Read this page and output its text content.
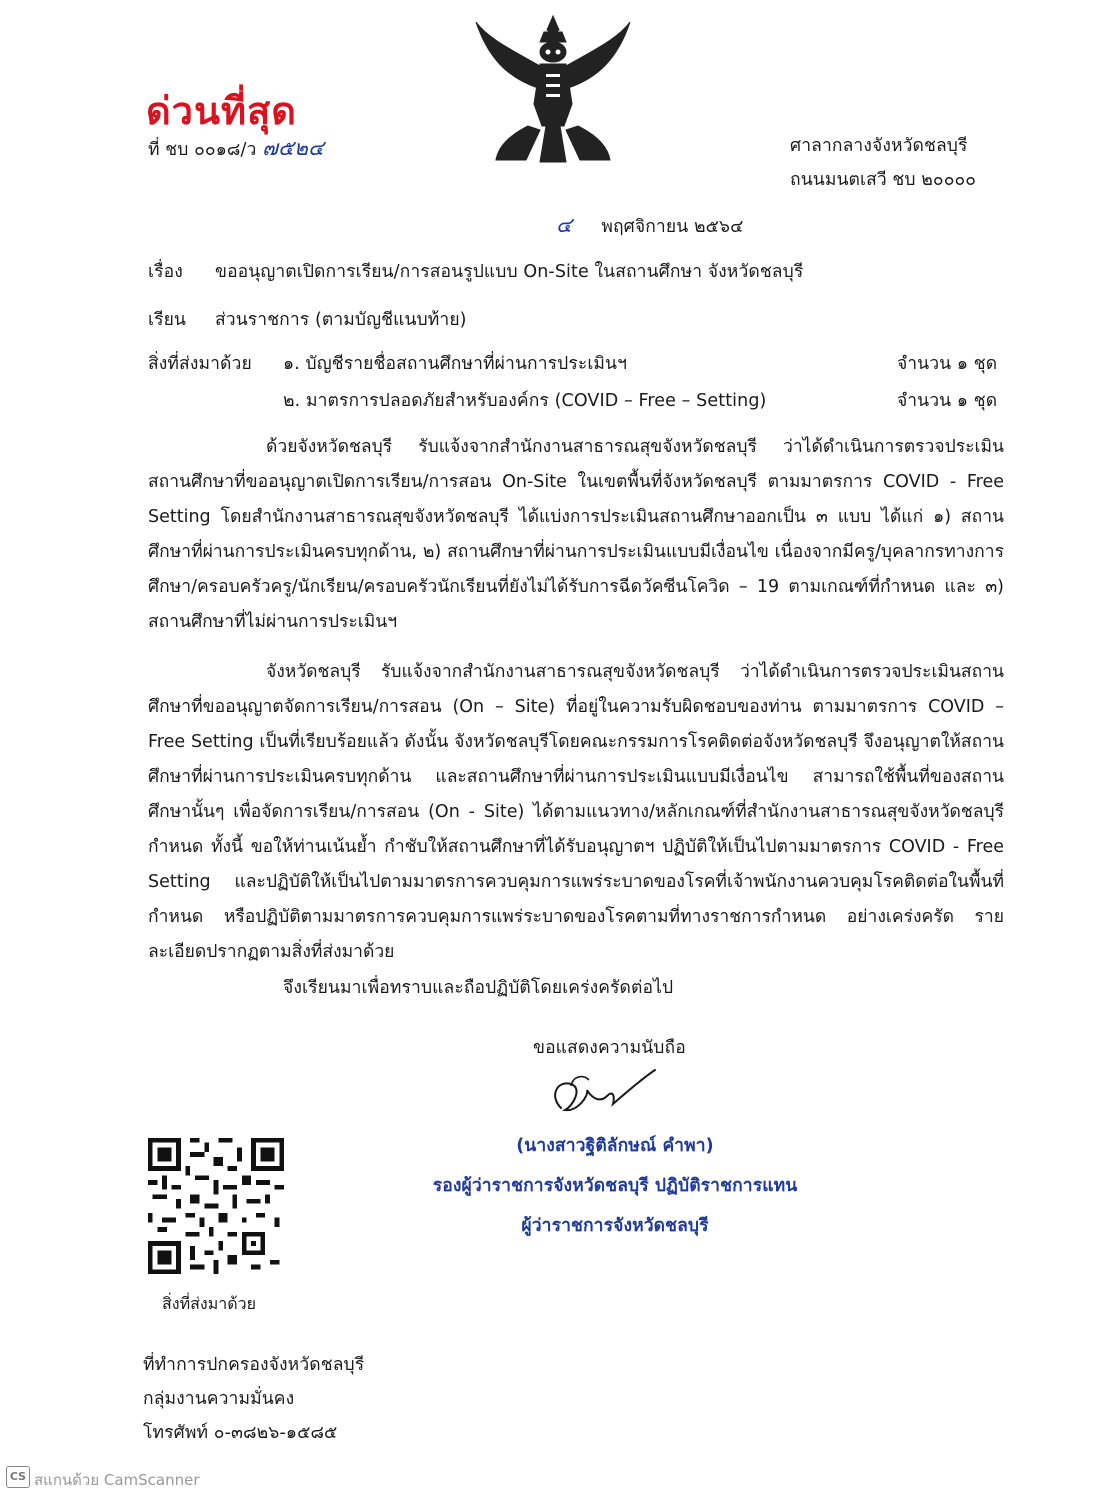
ด่วนที่สุด
ที่ ชบ ๐๐๑๘/ว ๗๕๒๔	ศาลากลางจังหวัดชลบุรี
ถนนมนตเสวี ชบ ๒๐๐๐๐
๔ พฤศจิกายน ๒๕๖๔
เรื่อง ขออนุญาตเปิดการเรียน/การสอนรูปแบบ On-Site ในสถานศึกษา จังหวัดชลบุรี
เรียน ส่วนราชการ (ตามบัญชีแนบท้าย)
สิ่งที่ส่งมาด้วย ๑. บัญชีรายชื่อสถานศึกษาที่ผ่านการประเมินฯ	จำนวน ๑ ชุด
๒. มาตรการปลอดภัยสำหรับองค์กร (COVID – Free – Setting)	จำนวน ๑ ชุด
ด้วยจังหวัดชลบุรี รับแจ้งจากสำนักงานสาธารณสุขจังหวัดชลบุรี ว่าได้ดำเนินการตรวจประเมินสถานศึกษาที่ขออนุญาตเปิดการเรียน/การสอน On-Site ในเขตพื้นที่จังหวัดชลบุรี ตามมาตรการ COVID - Free Setting โดยสำนักงานสาธารณสุขจังหวัดชลบุรี ได้แบ่งการประเมินสถานศึกษาออกเป็น ๓ แบบ ได้แก่ ๑) สถานศึกษาที่ผ่านการประเมินครบทุกด้าน, ๒) สถานศึกษาที่ผ่านการประเมินแบบมีเงื่อนไข เนื่องจากมีครู/บุคลากรทางการศึกษา/ครอบครัวครู/นักเรียน/ครอบครัวนักเรียนที่ยังไม่ได้รับการฉีดวัคซีนโควิด – 19 ตามเกณฑ์ที่กำหนด และ ๓) สถานศึกษาที่ไม่ผ่านการประเมินฯ
จังหวัดชลบุรี รับแจ้งจากสำนักงานสาธารณสุขจังหวัดชลบุรี ว่าได้ดำเนินการตรวจประเมินสถานศึกษาที่ขออนุญาตจัดการเรียน/การสอน (On – Site) ที่อยู่ในความรับผิดชอบของท่าน ตามมาตรการ COVID – Free Setting เป็นที่เรียบร้อยแล้ว ดังนั้น จังหวัดชลบุรีโดยคณะกรรมการโรคติดต่อจังหวัดชลบุรี จึงอนุญาตให้สถานศึกษาที่ผ่านการประเมินครบทุกด้าน และสถานศึกษาที่ผ่านการประเมินแบบมีเงื่อนไข สามารถใช้พื้นที่ของสถานศึกษานั้นๆ เพื่อจัดการเรียน/การสอน (On - Site) ได้ตามแนวทาง/หลักเกณฑ์ที่สำนักงานสาธารณสุขจังหวัดชลบุรีกำหนด ทั้งนี้ ขอให้ท่านเน้นย้ำ กำชับให้สถานศึกษาที่ได้รับอนุญาตฯ ปฏิบัติให้เป็นไปตามมาตรการ COVID - Free Setting และปฏิบัติให้เป็นไปตามมาตรการควบคุมการแพร่ระบาดของโรคที่เจ้าพนักงานควบคุมโรคติดต่อในพื้นที่กำหนด หรือปฏิบัติตามมาตรการควบคุมการแพร่ระบาดของโรคตามที่ทางราชการกำหนด อย่างเคร่งครัด รายละเอียดปรากฏตามสิ่งที่ส่งมาด้วย
จึงเรียนมาเพื่อทราบและถือปฏิบัติโดยเคร่งครัดต่อไป
ขอแสดงความนับถือ
(นางสาวฐิติลักษณ์ คำพา)
รองผู้ว่าราชการจังหวัดชลบุรี ปฏิบัติราชการแทน
ผู้ว่าราชการจังหวัดชลบุรี
สิ่งที่ส่งมาด้วย
ที่ทำการปกครองจังหวัดชลบุรี
กลุ่มงานความมั่นคง
โทรศัพท์ ๐-๓๘๒๖-๑๕๘๕
CS สแกนด้วย CamScanner
